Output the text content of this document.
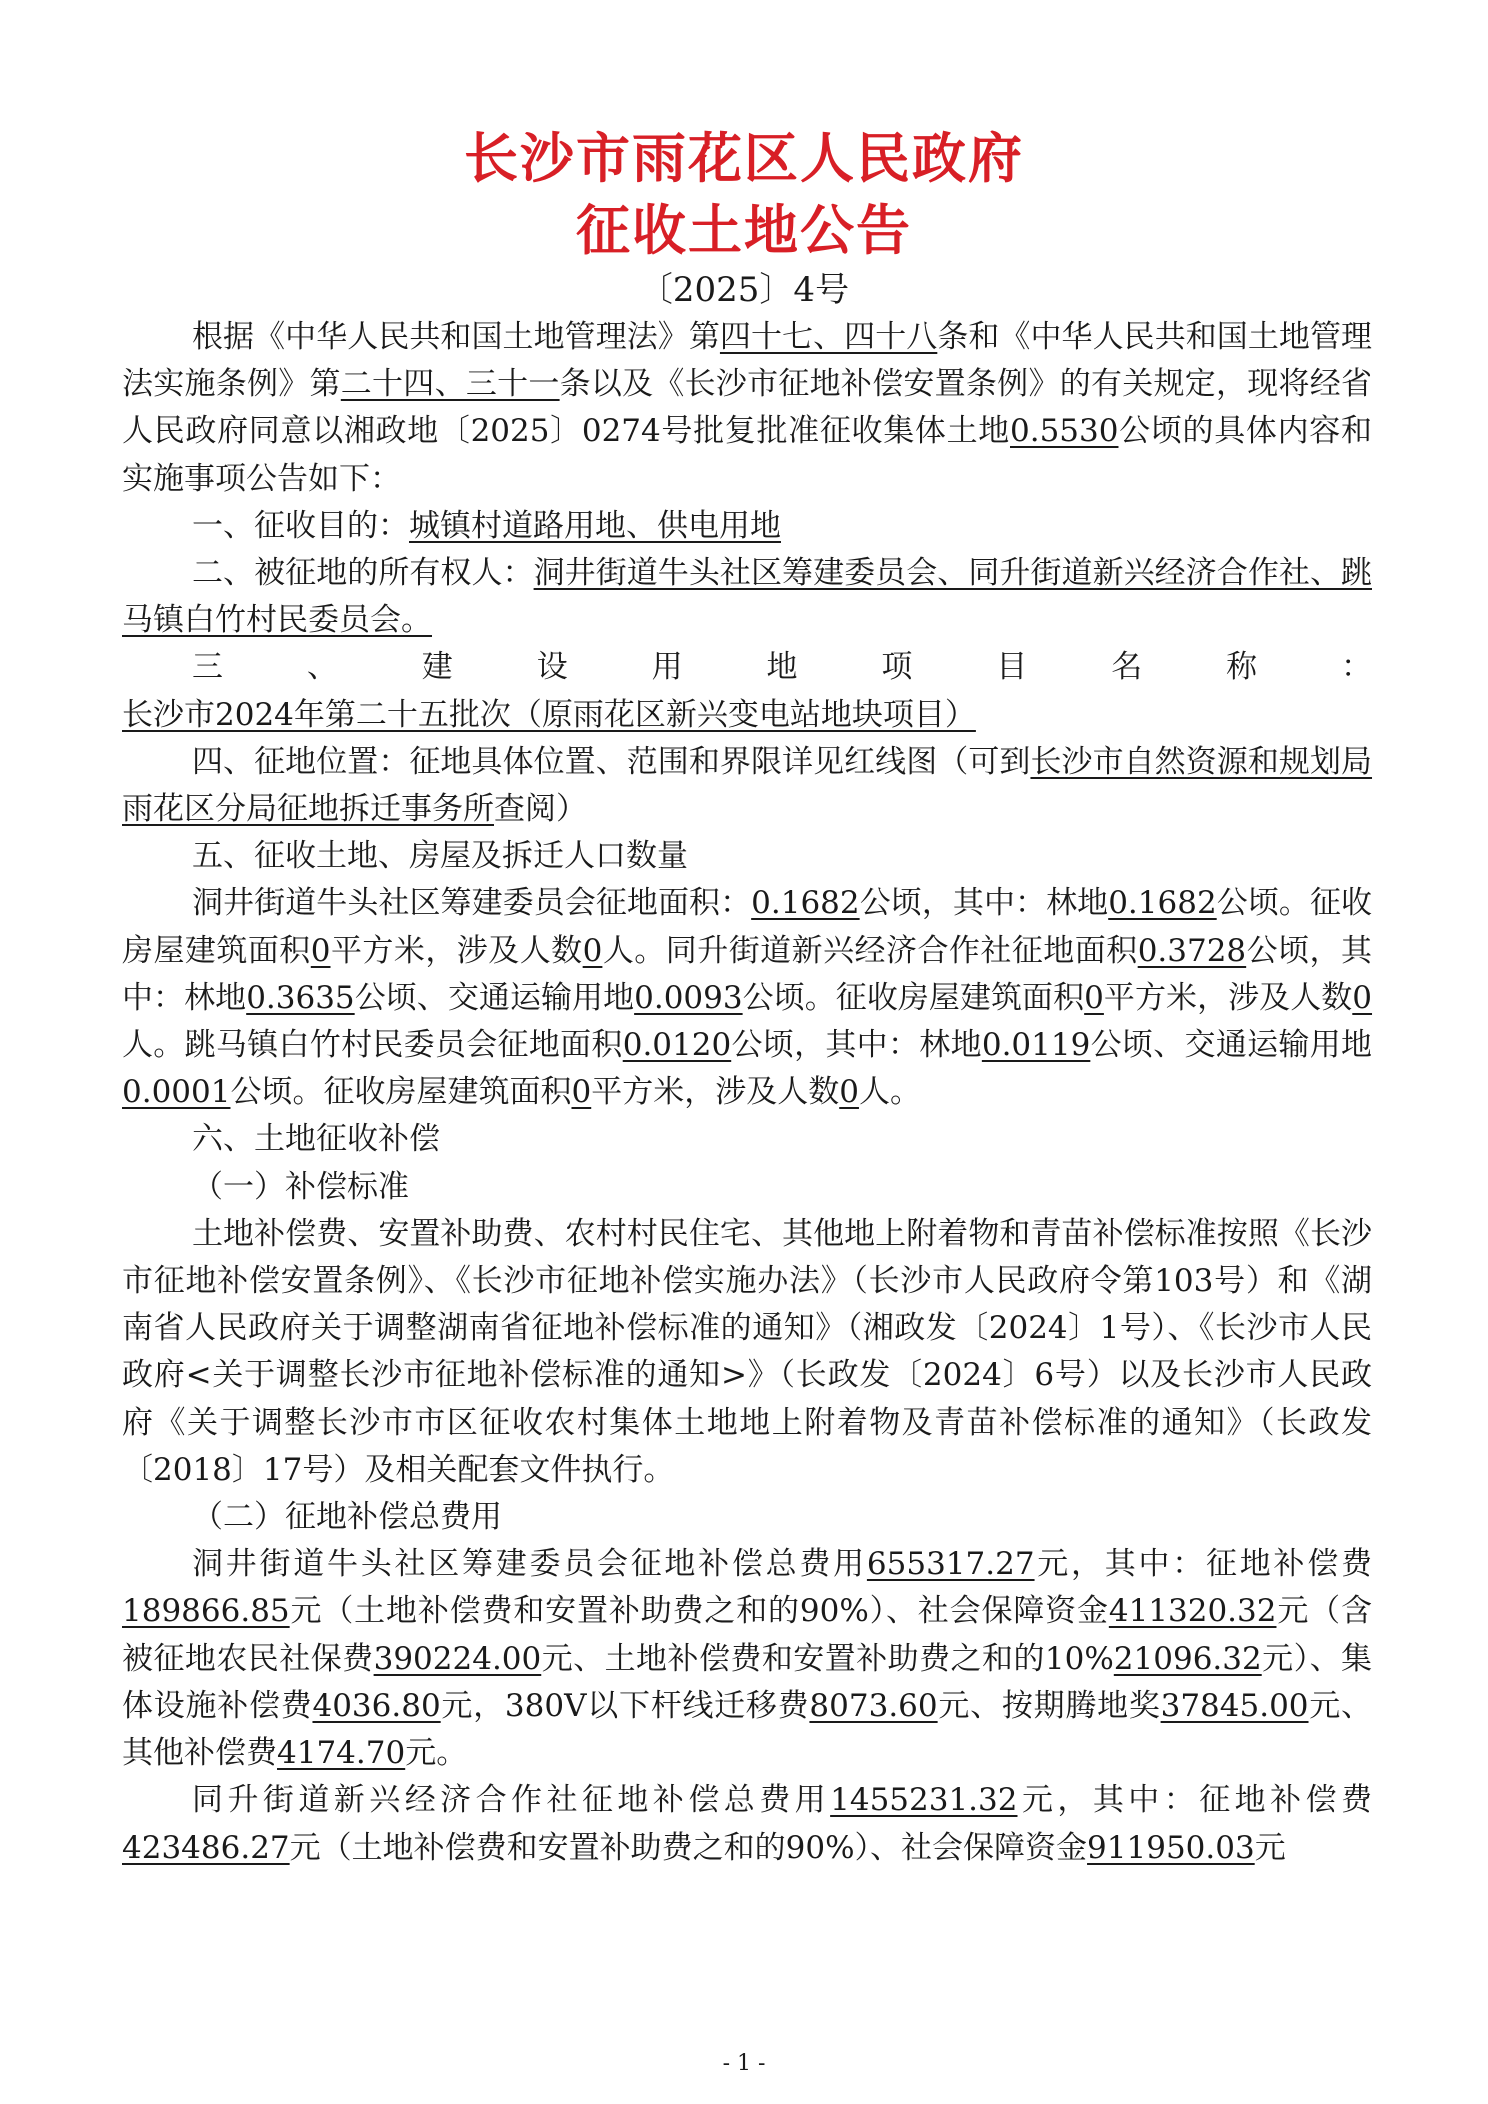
长沙市雨花区人民政府
征收土地公告
〔2025〕4号

根据《中华人民共和国土地管理法》第四十七、四十八条和《中华人民共和国土地管理法实施条例》第二十四、三十一条以及《长沙市征地补偿安置条例》的有关规定，现将经省人民政府同意以湘政地〔2025〕0274号批复批准征收集体土地0.5530公顷的具体内容和实施事项公告如下：

一、征收目的：城镇村道路用地、供电用地

二、被征地的所有权人：洞井街道牛头社区筹建委员会、同升街道新兴经济合作社、跳马镇白竹村民委员会。

三、建设用地项目名称：长沙市2024年第二十五批次（原雨花区新兴变电站地块项目）

四、征地位置：征地具体位置、范围和界限详见红线图（可到长沙市自然资源和规划局雨花区分局征地拆迁事务所查阅）

五、征收土地、房屋及拆迁人口数量

洞井街道牛头社区筹建委员会征地面积：0.1682公顷，其中：林地0.1682公顷。征收房屋建筑面积0平方米，涉及人数0人。同升街道新兴经济合作社征地面积0.3728公顷，其中：林地0.3635公顷、交通运输用地0.0093公顷。征收房屋建筑面积0平方米，涉及人数0人。跳马镇白竹村民委员会征地面积0.0120公顷，其中：林地0.0119公顷、交通运输用地0.0001公顷。征收房屋建筑面积0平方米，涉及人数0人。

六、土地征收补偿

（一）补偿标准

土地补偿费、安置补助费、农村村民住宅、其他地上附着物和青苗补偿标准按照《长沙市征地补偿安置条例》、《长沙市征地补偿实施办法》（长沙市人民政府令第103号）和《湖南省人民政府关于调整湖南省征地补偿标准的通知》（湘政发〔2024〕1号）、《长沙市人民政府<关于调整长沙市征地补偿标准的通知>》（长政发〔2024〕6号）以及长沙市人民政府《关于调整长沙市市区征收农村集体土地地上附着物及青苗补偿标准的通知》（长政发〔2018〕17号）及相关配套文件执行。

（二）征地补偿总费用

洞井街道牛头社区筹建委员会征地补偿总费用655317.27元，其中：征地补偿费189866.85元（土地补偿费和安置补助费之和的90%）、社会保障资金411320.32元（含被征地农民社保费390224.00元、土地补偿费和安置补助费之和的10%21096.32元）、集体设施补偿费4036.80元，380V以下杆线迁移费8073.60元、按期腾地奖37845.00元、其他补偿费4174.70元。

同升街道新兴经济合作社征地补偿总费用1455231.32元，其中：征地补偿费423486.27元（土地补偿费和安置补助费之和的90%）、社会保障资金911950.03元

- 1 -
